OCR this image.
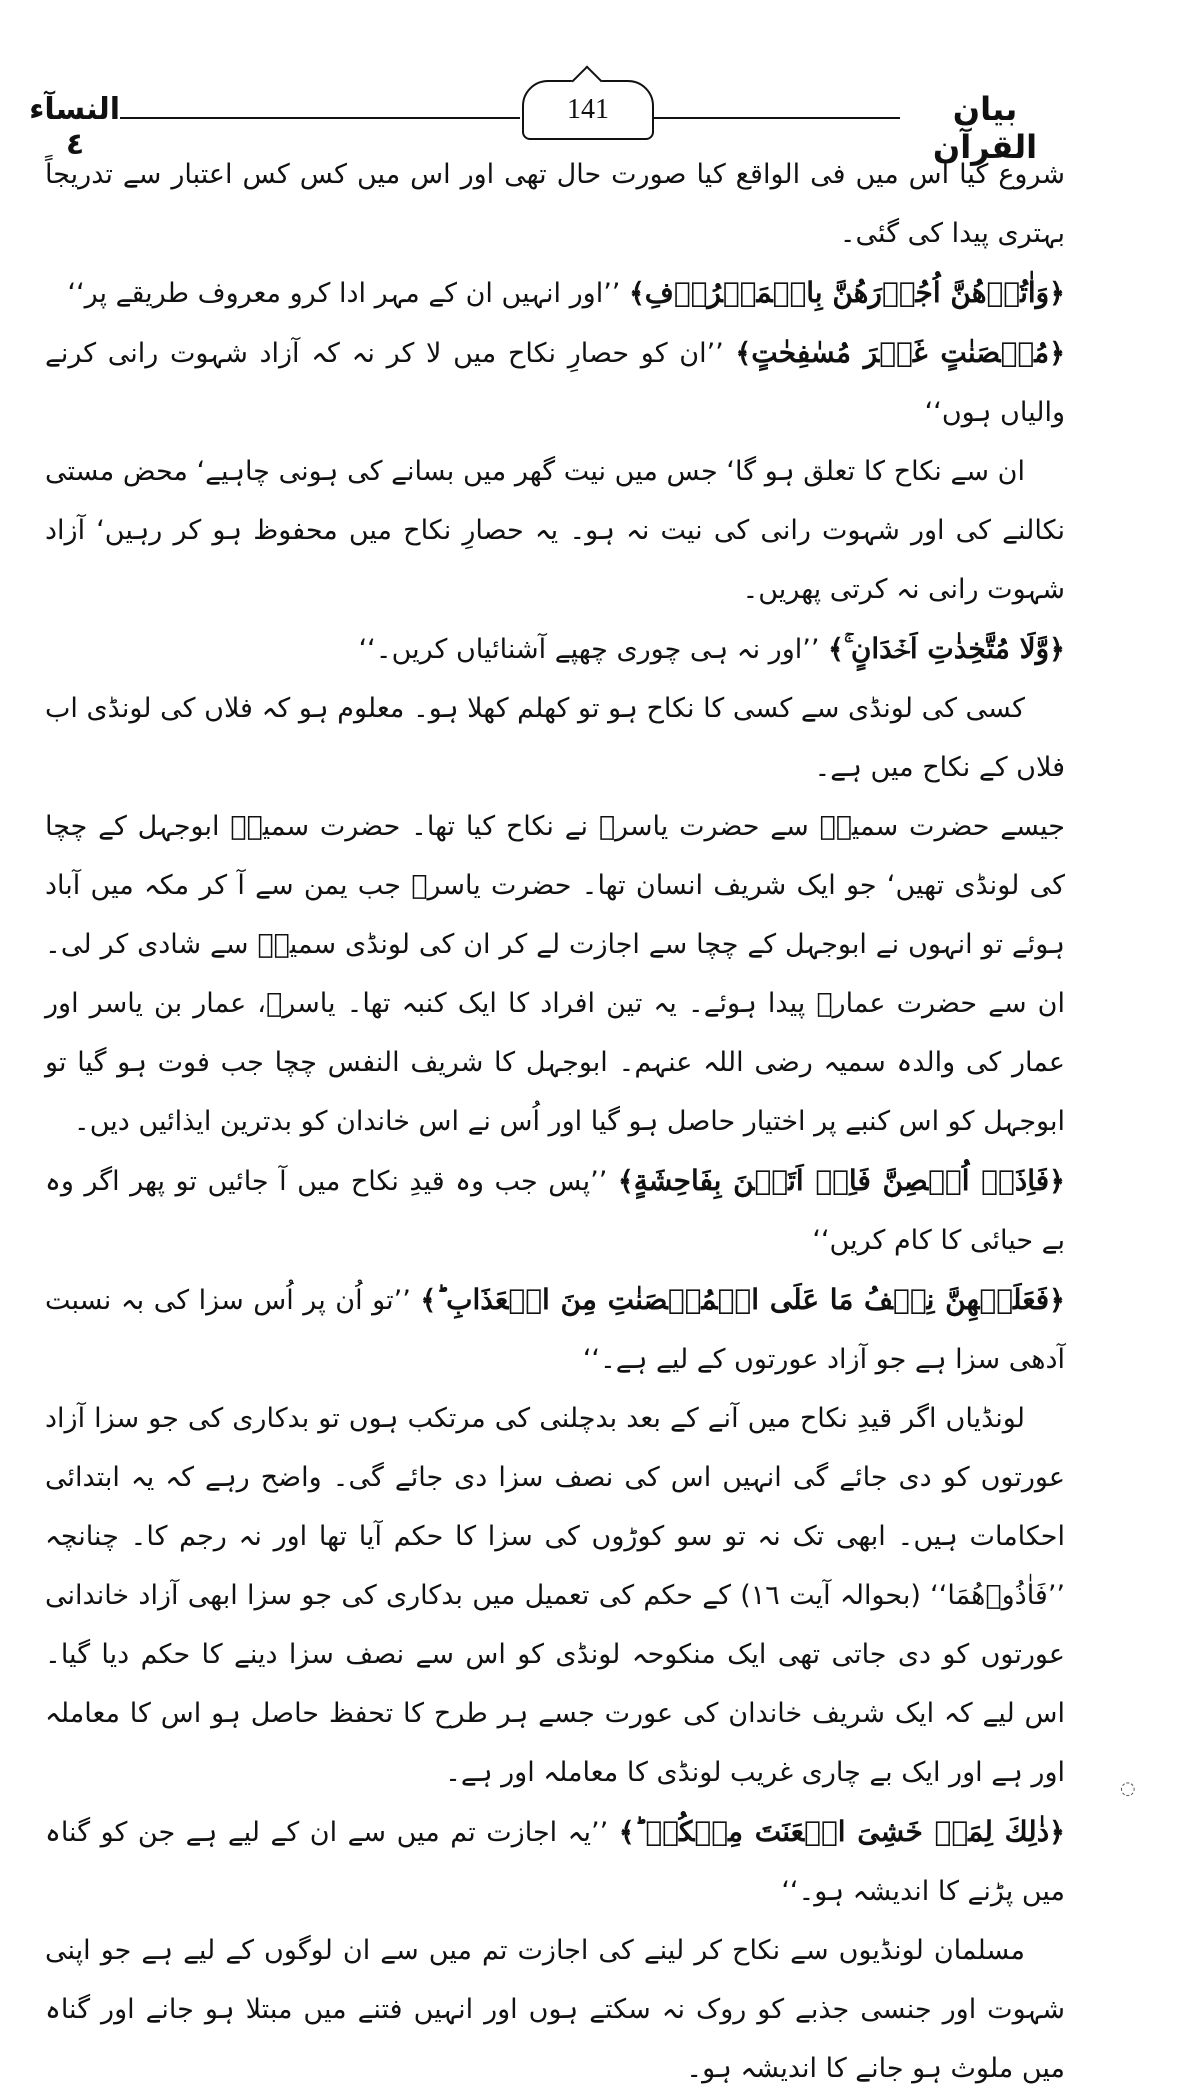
النسآء ٤
141	بیان القرآن

شروع کیا اس میں فی الواقع کیا صورت حال تھی اور اس میں کس کس اعتبار سے تدریجاً بہتری پیدا کی گئی۔

﴿وَاٰتُوۡهُنَّ اُجُوۡرَهُنَّ بِالۡمَعۡرُوۡفِ﴾ ’’اور انہیں ان کے مہر ادا کرو معروف طریقے پر‘‘

﴿مُحۡصَنٰتٍ غَيۡرَ مُسٰفِحٰتٍ﴾ ’’ان کو حصارِ نکاح میں لا کر نہ کہ آزاد شہوت رانی کرنے والیاں ہوں‘‘

ان سے نکاح کا تعلق ہو گا‘ جس میں نیت گھر میں بسانے کی ہونی چاہیے‘ محض مستی نکالنے کی اور شہوت رانی کی نیت نہ ہو۔ یہ حصارِ نکاح میں محفوظ ہو کر رہیں‘ آزاد شہوت رانی نہ کرتی پھریں۔

﴿وَّلَا مُتَّخِذٰتِ اَخۡدَانٍ ۚ﴾ ’’اور نہ ہی چوری چھپے آشنائیاں کریں۔‘‘

کسی کی لونڈی سے کسی کا نکاح ہو تو کھلم کھلا ہو۔ معلوم ہو کہ فلاں کی لونڈی اب فلاں کے نکاح میں ہے۔

جیسے حضرت سمیہؓ سے حضرت یاسرؓ نے نکاح کیا تھا۔ حضرت سمیہؓ ابوجہل کے چچا کی لونڈی تھیں‘ جو ایک شریف انسان تھا۔ حضرت یاسرؓ جب یمن سے آ کر مکہ میں آباد ہوئے تو انہوں نے ابوجہل کے چچا سے اجازت لے کر ان کی لونڈی سمیہؓ سے شادی کر لی۔ ان سے حضرت عمارؓ پیدا ہوئے۔ یہ تین افراد کا ایک کنبہ تھا۔ یاسرؓ، عمار بن یاسر اور عمار کی والدہ سمیہ رضی اللہ عنہم۔ ابوجہل کا شریف النفس چچا جب فوت ہو گیا تو ابوجہل کو اس کنبے پر اختیار حاصل ہو گیا اور اُس نے اس خاندان کو بدترین ایذائیں دیں۔

﴿فَاِذَاۤ اُحۡصِنَّ فَاِنۡ اَتَيۡنَ بِفَاحِشَةٍ﴾ ’’پس جب وہ قیدِ نکاح میں آ جائیں تو پھر اگر وہ بے حیائی کا کام کریں‘‘

﴿فَعَلَيۡهِنَّ نِصۡفُ مَا عَلَى الۡمُحۡصَنٰتِ مِنَ الۡعَذَابِ ؕ﴾ ’’تو اُن پر اُس سزا کی بہ نسبت آدھی سزا ہے جو آزاد عورتوں کے لیے ہے۔‘‘

لونڈیاں اگر قیدِ نکاح میں آنے کے بعد بدچلنی کی مرتکب ہوں تو بدکاری کی جو سزا آزاد عورتوں کو دی جائے گی انہیں اس کی نصف سزا دی جائے گی۔ واضح رہے کہ یہ ابتدائی احکامات ہیں۔ ابھی تک نہ تو سو کوڑوں کی سزا کا حکم آیا تھا اور نہ رجم کا۔ چنانچہ ’’فَاٰذُوۡهُمَا‘‘ (بحوالہ آیت ١٦) کے حکم کی تعمیل میں بدکاری کی جو سزا ابھی آزاد خاندانی عورتوں کو دی جاتی تھی ایک منکوحہ لونڈی کو اس سے نصف سزا دینے کا حکم دیا گیا۔ اس لیے کہ ایک شریف خاندان کی عورت جسے ہر طرح کا تحفظ حاصل ہو اس کا معاملہ اور ہے اور ایک بے چاری غریب لونڈی کا معاملہ اور ہے۔

﴿ذٰلِكَ لِمَنۡ خَشِىَ الۡعَنَتَ مِنۡكُمۡ ؕ﴾ ’’یہ اجازت تم میں سے ان کے لیے ہے جن کو گناہ میں پڑنے کا اندیشہ ہو۔‘‘

مسلمان لونڈیوں سے نکاح کر لینے کی اجازت تم میں سے ان لوگوں کے لیے ہے جو اپنی شہوت اور جنسی جذبے کو روک نہ سکتے ہوں اور انہیں فتنے میں مبتلا ہو جانے اور گناہ میں ملوث ہو جانے کا اندیشہ ہو۔

◌
